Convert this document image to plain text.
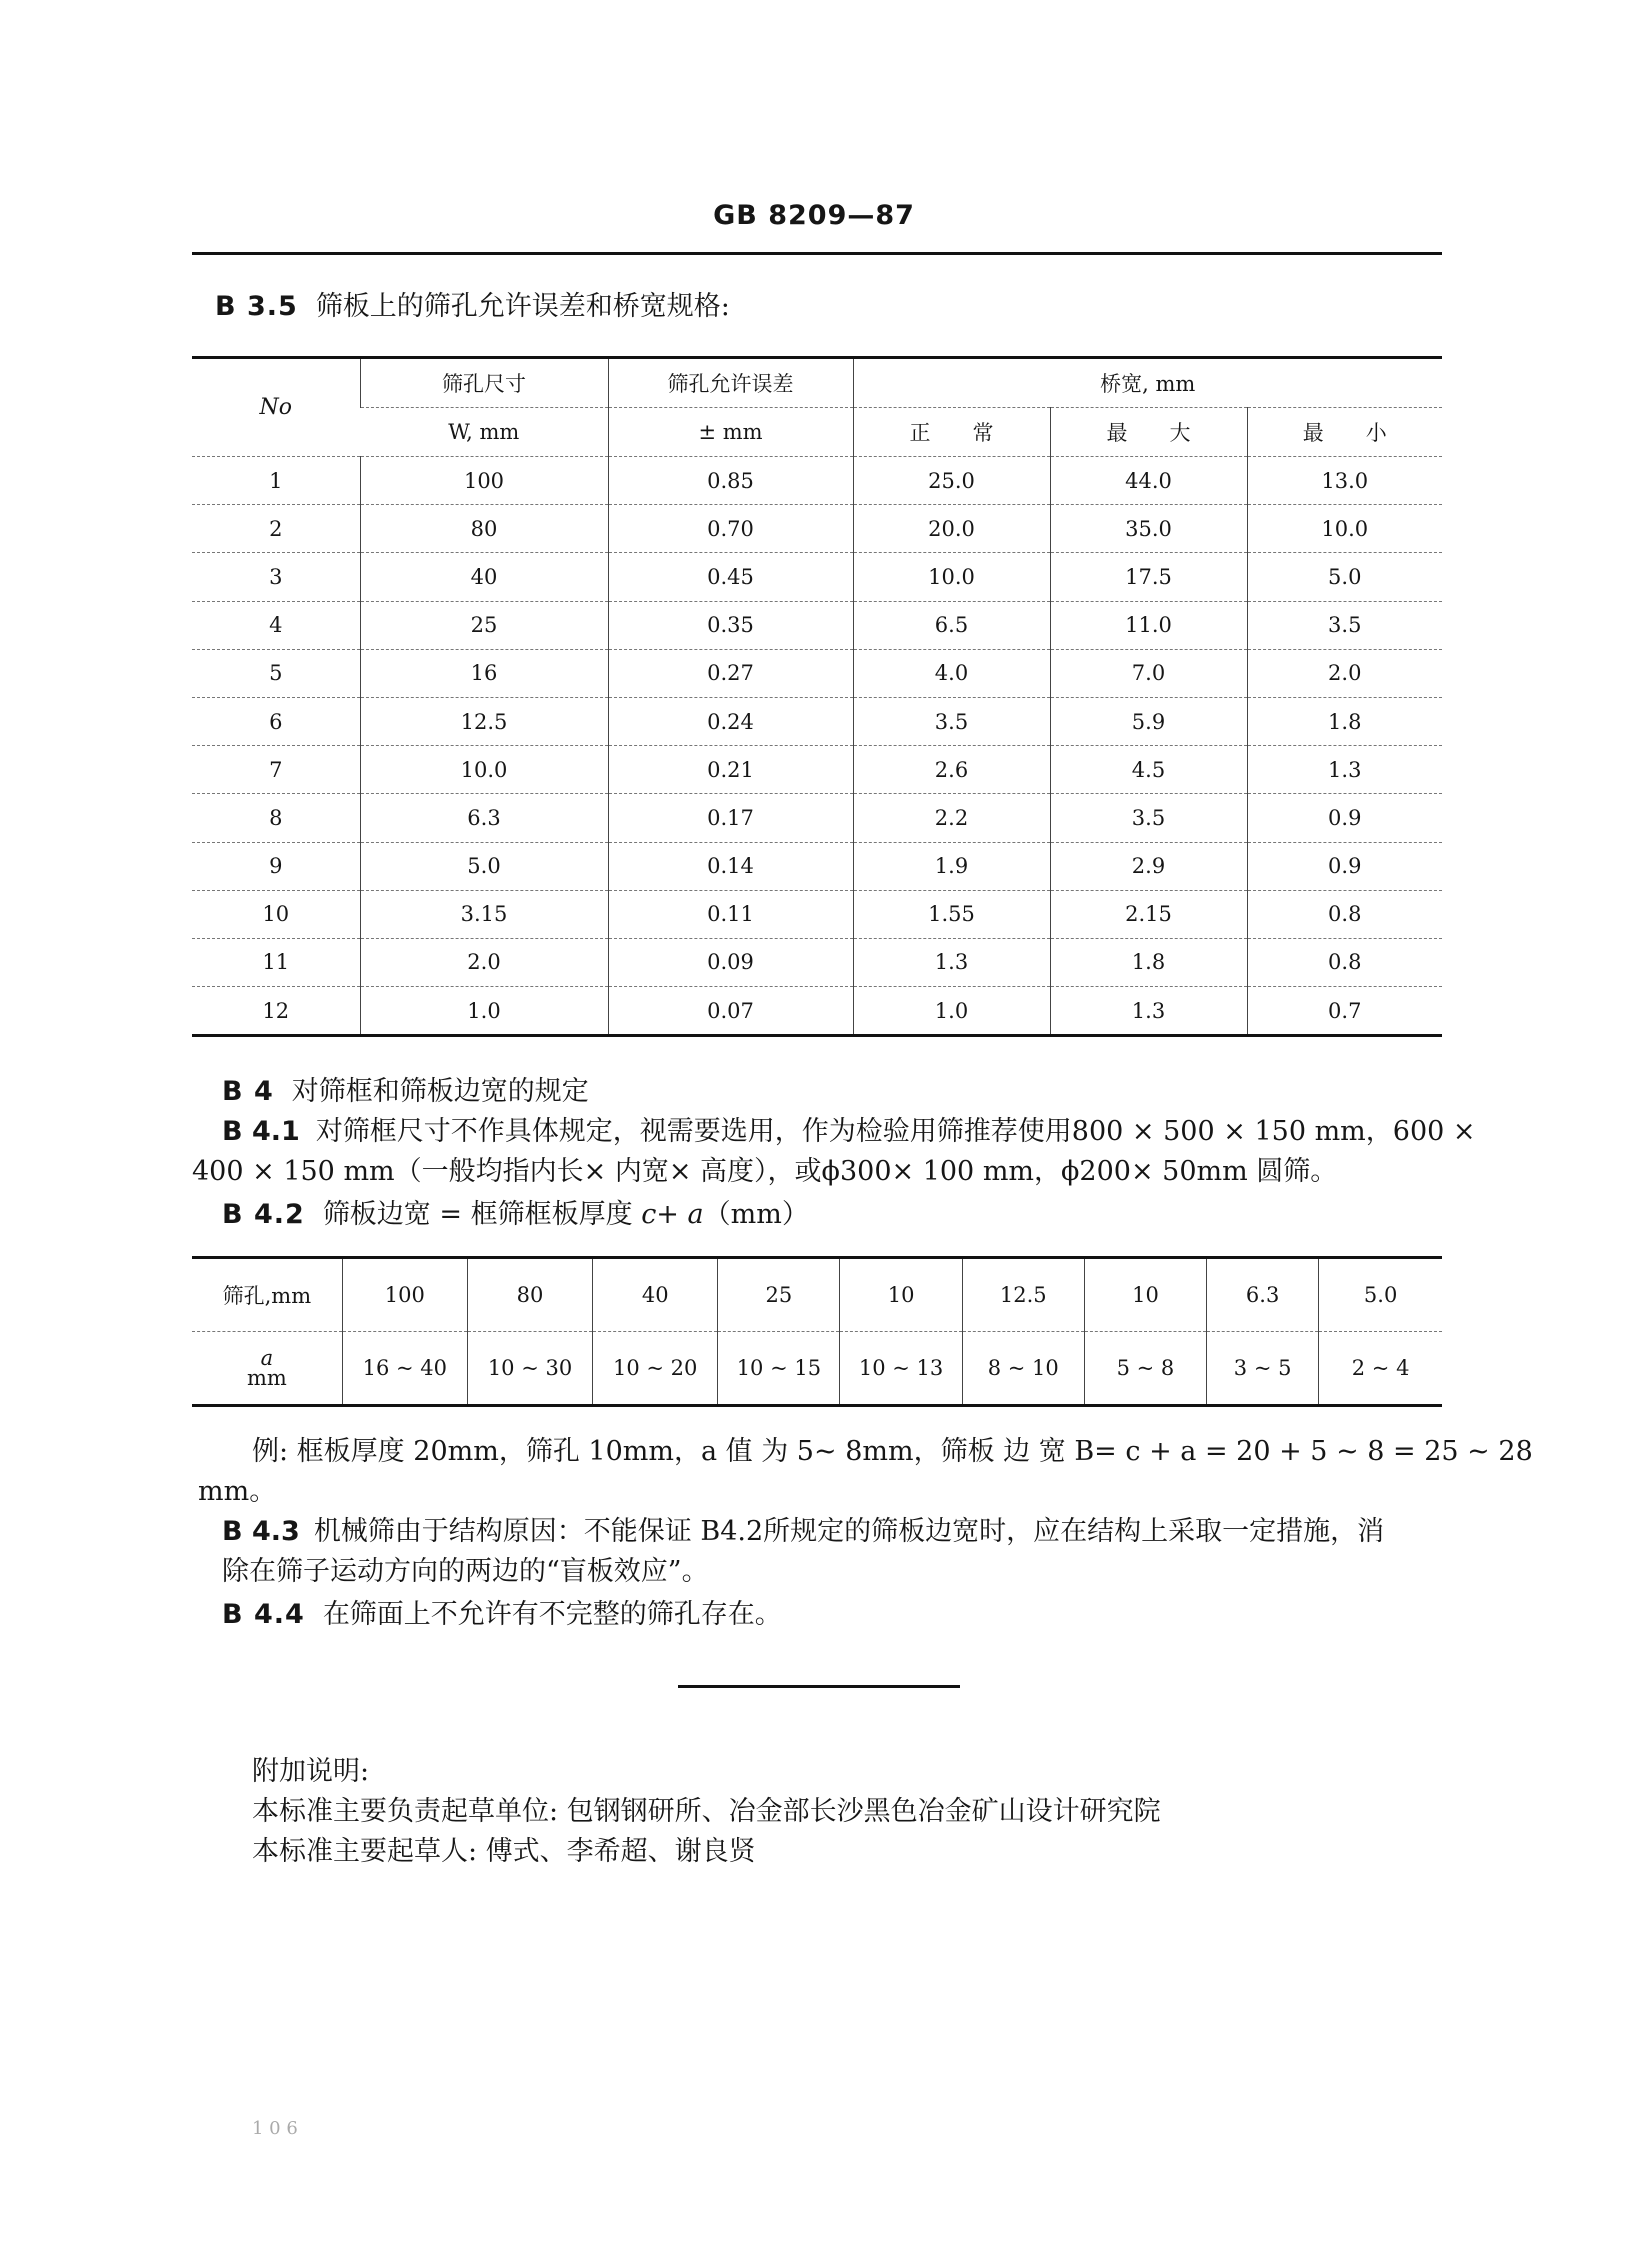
GB 8209—87
B 3.5 筛板上的筛孔允许误差和桥宽规格:
No	筛孔尺寸	筛孔允许误差	桥宽, mm		
	W, mm	± mm	正　　常	最　　大	最　　小
1	100	0.85	25.0	44.0	13.0
2	80	0.70	20.0	35.0	10.0
3	40	0.45	10.0	17.5	5.0
4	25	0.35	6.5	11.0	3.5
5	16	0.27	4.0	7.0	2.0
6	12.5	0.24	3.5	5.9	1.8
7	10.0	0.21	2.6	4.5	1.3
8	6.3	0.17	2.2	3.5	0.9
9	5.0	0.14	1.9	2.9	0.9
10	3.15	0.11	1.55	2.15	0.8
11	2.0	0.09	1.3	1.8	0.8
12	1.0	0.07	1.0	1.3	0.7
B 4 对筛框和筛板边宽的规定
B 4.1 对筛框尺寸不作具体规定，视需要选用，作为检验用筛推荐使用800 × 500 × 150 mm，600 ×
400 × 150 mm（一般均指内长× 内宽× 高度），或ϕ300× 100 mm，ϕ200× 50mm 圆筛。
B 4.2 筛板边宽 = 框筛框板厚度 c+ a（mm）
筛孔,mm	100	80	40	25	10	12.5	10	6.3	5.0

a
mm	16 ~ 40	10 ~ 30	10 ~ 20	10 ~ 15	10 ~ 13	8 ~ 10	5 ~ 8	3 ~ 5	2 ~ 4
例: 框板厚度 20mm，筛孔 10mm，a 值 为 5~ 8mm，筛板 边 宽 B= c + a = 20 + 5 ~ 8 = 25 ~ 28
mm。
B 4.3 机械筛由于结构原因：不能保证 B4.2所规定的筛板边宽时，应在结构上采取一定措施，消
除在筛子运动方向的两边的“盲板效应”。
B 4.4 在筛面上不允许有不完整的筛孔存在。
附加说明:
本标准主要负责起草单位: 包钢钢研所、冶金部长沙黑色冶金矿山设计研究院
本标准主要起草人: 傅式、李希超、谢良贤
1 0 6
